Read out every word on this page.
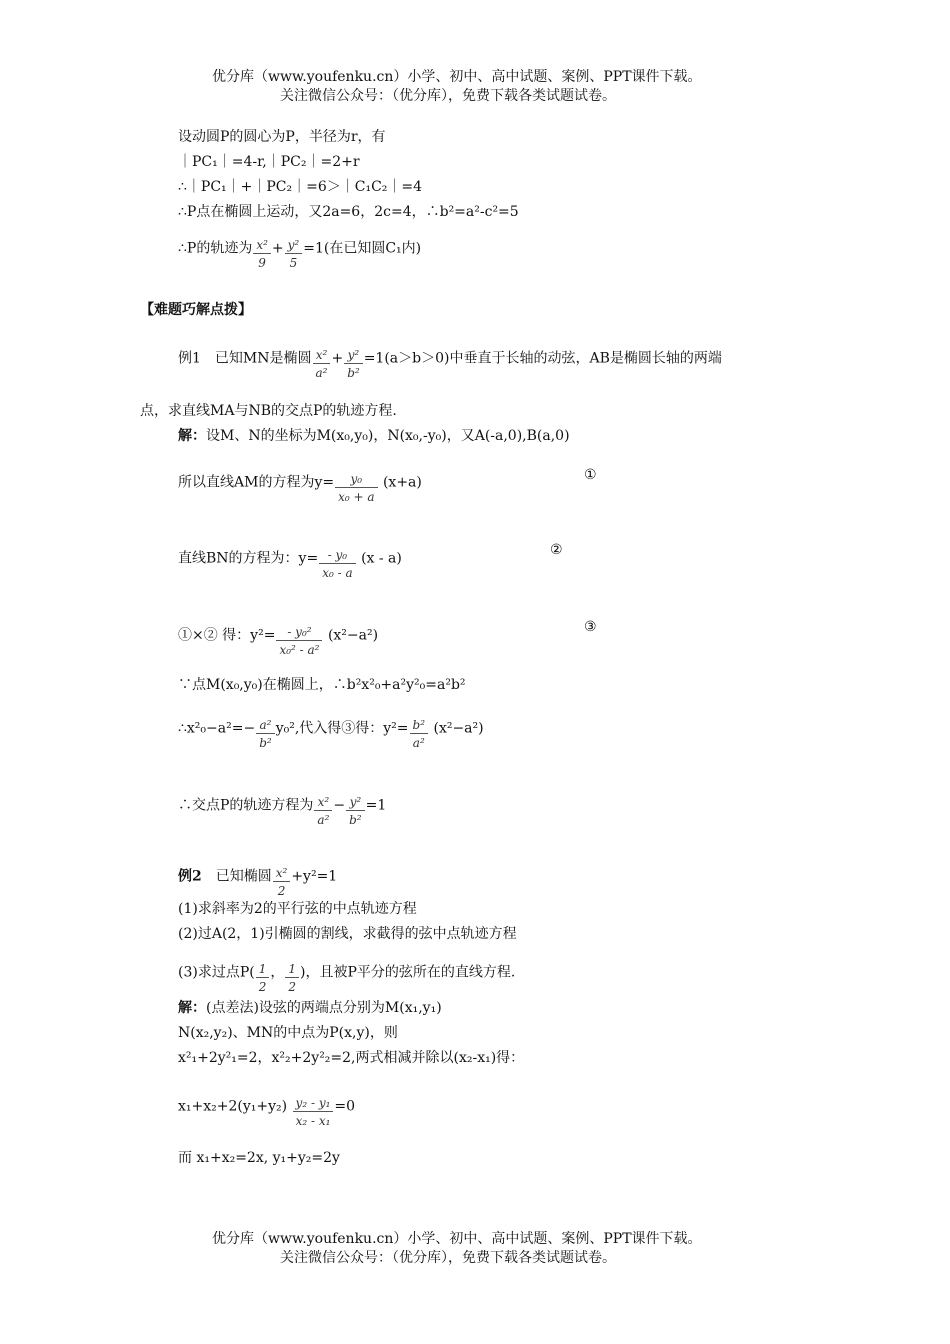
优分库（www.youfenku.cn）小学、初中、高中试题、案例、PPT课件下载。
关注微信公众号：（优分库），免费下载各类试题试卷。
设动圆P的圆心为P，半径为r，有
｜PC₁｜=4-r,｜PC₂｜=2+r
∴｜PC₁｜+｜PC₂｜=6＞｜C₁C₂｜=4
∴P点在椭圆上运动，又2a=6，2c=4，∴b²=a²-c²=5
∴P的轨迹为 $\frac{\text{x²}}{9} + \frac{\text{y²}}{5} =1$(在已知圆C₁内)
【难题巧解点拨】
例1　已知MN是椭圆 $\frac{\text{x²}}{\text{a²}} + \frac{\text{y²}}{\text{b²}} =1(a>b>0)$中垂直于长轴的动弦，AB是椭圆长轴的两端
点，求直线MA与NB的交点P的轨迹方程.
解：设M、N的坐标为M(x₀,y₀)，N(x₀,-y₀)，又A(-a,0),B(a,0)
所以直线AM的方程为$y= \frac{\text{y₀}}{\text{x₀ + a}} (x+a)$	①
直线BN的方程为：$y= \frac{\text{- y₀}}{\text{x₀ - a}} (x - a)$
②
①×② 得：$y^2= \frac{\text{- y₀²}}{\text{x₀² - a²}} (x^2-a^2)$
③
∵点M(x₀,y₀)在椭圆上，∴b²x²₀+a²y²₀=a²b²
∴x²₀−a²=− $\frac{\text{a²}}{\text{b²}} y_0^2$,代入得③得：$y^2= \frac{\text{b²}}{\text{a²}} (x^2-a^2)$
∴交点P的轨迹方程为 $\frac{\text{x²}}{\text{a²}} - \frac{\text{y²}}{\text{b²}} =1$
例2　 已知椭圆 $\frac{\text{x²}}{2} +y^2=1$
(1)求斜率为2的平行弦的中点轨迹方程
(2)过A(2，1)引椭圆的割线，求截得的弦中点轨迹方程
(3)求过点$P( \frac{1}{2}$ ， $\frac{1}{2}$ )，且被P平分的弦所在的直线方程.
解：(点差法)设弦的两端点分别为M(x₁,y₁)
N(x₂,y₂)、MN的中点为P(x,y)，则
x²₁+2y²₁=2，x²₂+2y²₂=2,两式相减并除以(x₂-x₁)得：
$x_1+x_2+2(y_1+y_2) \frac{\text{y₂ - y₁}}{\text{x₂ - x₁}} =0$
而 x₁+x₂=2x, y₁+y₂=2y
优分库（www.youfenku.cn）小学、初中、高中试题、案例、PPT课件下载。
关注微信公众号：（优分库），免费下载各类试题试卷。
